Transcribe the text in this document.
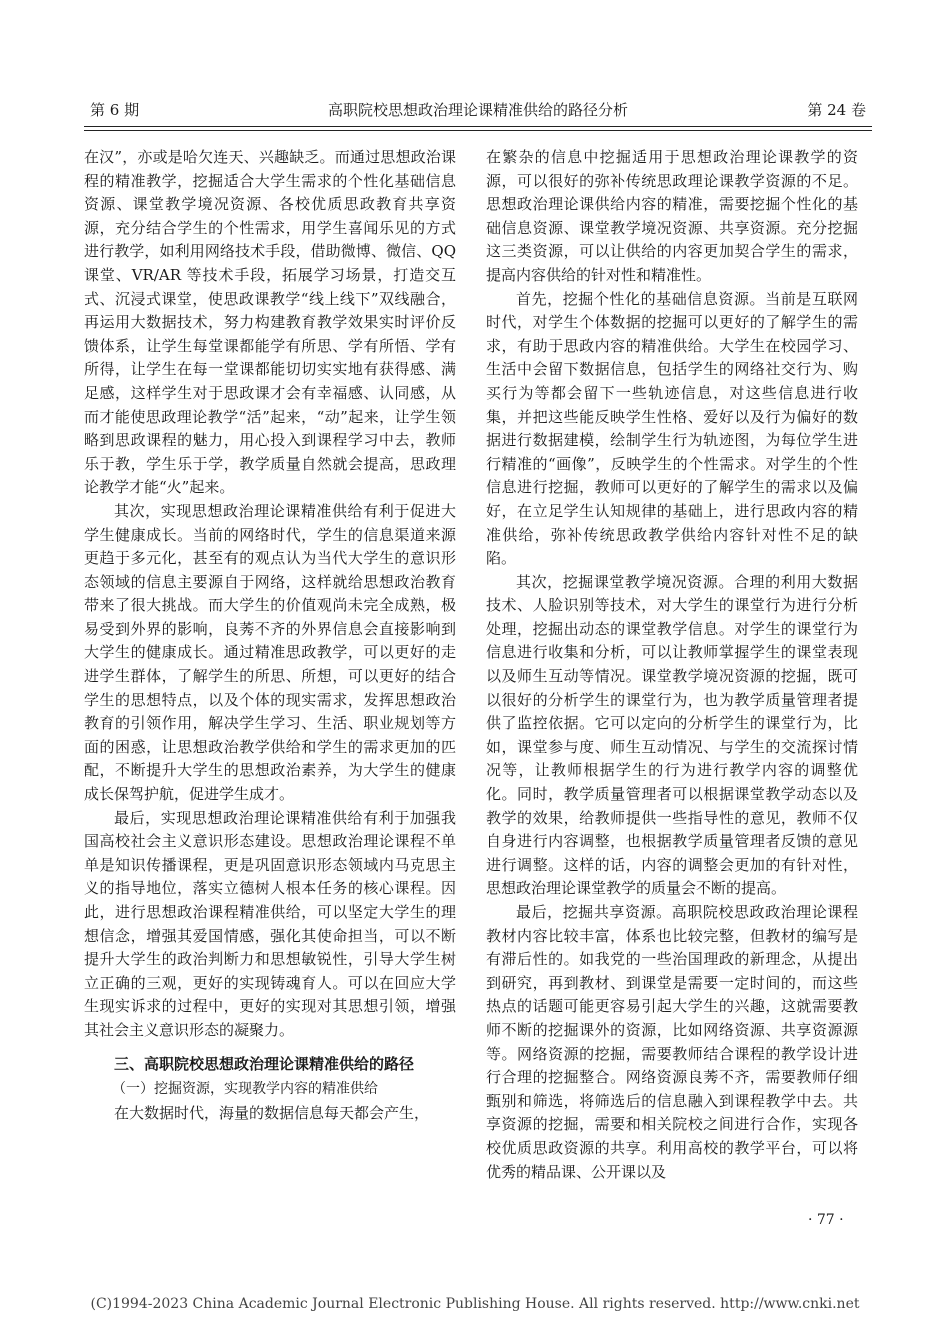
第 6 期	高职院校思想政治理论课精准供给的路径分析	第 24 卷

在汉”，亦或是哈欠连天、兴趣缺乏。而通过思想政治课程的精准教学，挖掘适合大学生需求的个性化基础信息资源、课堂教学境况资源、各校优质思政教育共享资源，充分结合学生的个性需求，用学生喜闻乐见的方式进行教学，如利用网络技术手段，借助微博、微信、QQ 课堂、VR/AR 等技术手段，拓展学习场景，打造交互式、沉浸式课堂，使思政课教学“线上线下”双线融合，再运用大数据技术，努力构建教育教学效果实时评价反馈体系，让学生每堂课都能学有所思、学有所悟、学有所得，让学生在每一堂课都能切切实实地有获得感、满足感，这样学生对于思政课才会有幸福感、认同感，从而才能使思政理论教学“活”起来，“动”起来，让学生领略到思政课程的魅力，用心投入到课程学习中去，教师乐于教，学生乐于学，教学质量自然就会提高，思政理论教学才能“火”起来。

其次，实现思想政治理论课精准供给有利于促进大学生健康成长。当前的网络时代，学生的信息渠道来源更趋于多元化，甚至有的观点认为当代大学生的意识形态领域的信息主要源自于网络，这样就给思想政治教育带来了很大挑战。而大学生的价值观尚未完全成熟，极易受到外界的影响，良莠不齐的外界信息会直接影响到大学生的健康成长。通过精准思政教学，可以更好的走进学生群体，了解学生的所思、所想，可以更好的结合学生的思想特点，以及个体的现实需求，发挥思想政治教育的引领作用，解决学生学习、生活、职业规划等方面的困惑，让思想政治教学供给和学生的需求更加的匹配，不断提升大学生的思想政治素养，为大学生的健康成长保驾护航，促进学生成才。

最后，实现思想政治理论课精准供给有利于加强我国高校社会主义意识形态建设。思想政治理论课程不单单是知识传播课程，更是巩固意识形态领域内马克思主义的指导地位，落实立德树人根本任务的核心课程。因此，进行思想政治课程精准供给，可以坚定大学生的理想信念，增强其爱国情感，强化其使命担当，可以不断提升大学生的政治判断力和思想敏锐性，引导大学生树立正确的三观，更好的实现铸魂育人。可以在回应大学生现实诉求的过程中，更好的实现对其思想引领，增强其社会主义意识形态的凝聚力。

三、高职院校思想政治理论课精准供给的路径
（一）挖掘资源，实现教学内容的精准供给

在大数据时代，海量的数据信息每天都会产生，

在繁杂的信息中挖掘适用于思想政治理论课教学的资源，可以很好的弥补传统思政理论课教学资源的不足。思想政治理论课供给内容的精准，需要挖掘个性化的基础信息资源、课堂教学境况资源、共享资源。充分挖掘这三类资源，可以让供给的内容更加契合学生的需求，提高内容供给的针对性和精准性。

首先，挖掘个性化的基础信息资源。当前是互联网时代，对学生个体数据的挖掘可以更好的了解学生的需求，有助于思政内容的精准供给。大学生在校园学习、生活中会留下数据信息，包括学生的网络社交行为、购买行为等都会留下一些轨迹信息，对这些信息进行收集，并把这些能反映学生性格、爱好以及行为偏好的数据进行数据建模，绘制学生行为轨迹图，为每位学生进行精准的“画像”，反映学生的个性需求。对学生的个性信息进行挖掘，教师可以更好的了解学生的需求以及偏好，在立足学生认知规律的基础上，进行思政内容的精准供给，弥补传统思政教学供给内容针对性不足的缺陷。

其次，挖掘课堂教学境况资源。合理的利用大数据技术、人脸识别等技术，对大学生的课堂行为进行分析处理，挖掘出动态的课堂教学信息。对学生的课堂行为信息进行收集和分析，可以让教师掌握学生的课堂表现以及师生互动等情况。课堂教学境况资源的挖掘，既可以很好的分析学生的课堂行为，也为教学质量管理者提供了监控依据。它可以定向的分析学生的课堂行为，比如，课堂参与度、师生互动情况、与学生的交流探讨情况等，让教师根据学生的行为进行教学内容的调整优化。同时，教学质量管理者可以根据课堂教学动态以及教学的效果，给教师提供一些指导性的意见，教师不仅自身进行内容调整，也根据教学质量管理者反馈的意见进行调整。这样的话，内容的调整会更加的有针对性，思想政治理论课堂教学的质量会不断的提高。

最后，挖掘共享资源。高职院校思政政治理论课程教材内容比较丰富，体系也比较完整，但教材的编写是有滞后性的。如我党的一些治国理政的新理念，从提出到研究，再到教材、到课堂是需要一定时间的，而这些热点的话题可能更容易引起大学生的兴趣，这就需要教师不断的挖掘课外的资源，比如网络资源、共享资源源等。网络资源的挖掘，需要教师结合课程的教学设计进行合理的挖掘整合。网络资源良莠不齐，需要教师仔细甄别和筛选，将筛选后的信息融入到课程教学中去。共享资源的挖掘，需要和相关院校之间进行合作，实现各校优质思政资源的共享。利用高校的教学平台，可以将优秀的精品课、公开课以及

· 77 ·
(C)1994-2023 China Academic Journal Electronic Publishing House. All rights reserved. http://www.cnki.net
